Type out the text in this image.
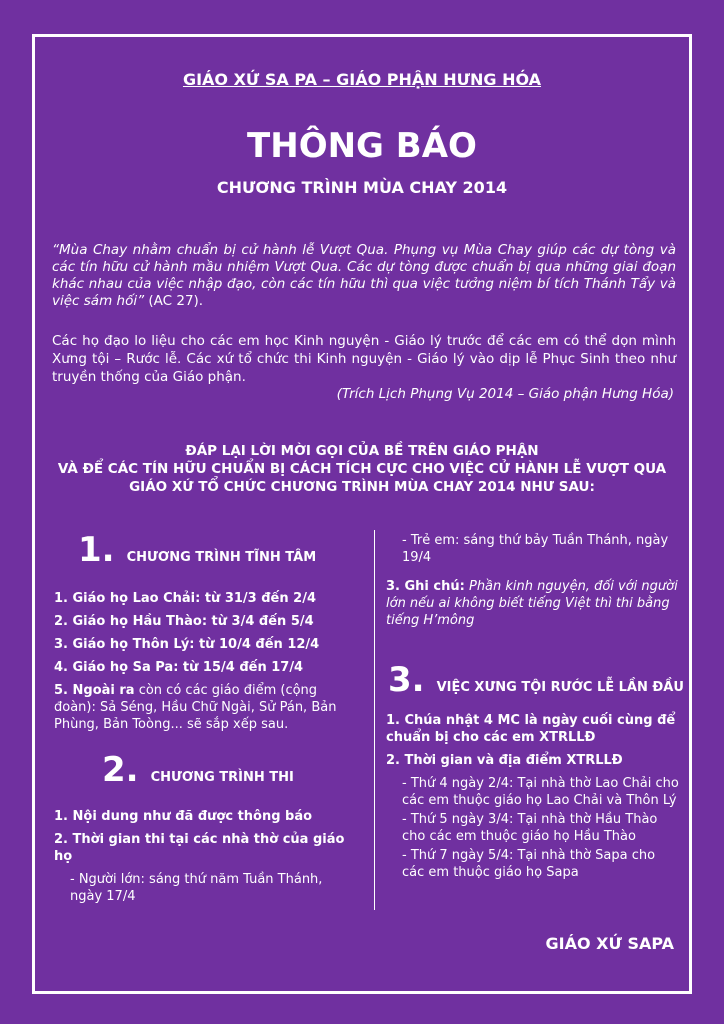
GIÁO XỨ SA PA – GIÁO PHẬN HƯNG HÓA
THÔNG BÁO
CHƯƠNG TRÌNH MÙA CHAY 2014
“Mùa Chay nhằm chuẩn bị cử hành lễ Vượt Qua. Phụng vụ Mùa Chay giúp các dự tòng và các tín hữu cử hành mầu nhiệm Vượt Qua. Các dự tòng được chuẩn bị qua những giai đoạn khác nhau của việc nhập đạo, còn các tín hữu thì qua việc tưởng niệm bí tích Thánh Tẩy và việc sám hối” (AC 27).
Các họ đạo lo liệu cho các em học Kinh nguyện - Giáo lý trước để các em có thể dọn mình Xưng tội – Rước lễ. Các xứ tổ chức thi Kinh nguyện - Giáo lý vào dịp lễ Phục Sinh theo như truyền thống của Giáo phận.
(Trích Lịch Phụng Vụ 2014 – Giáo phận Hưng Hóa)
ĐÁP LẠI LỜI MỜI GỌI CỦA BỀ TRÊN GIÁO PHẬN
VÀ ĐỂ CÁC TÍN HỮU CHUẨN BỊ CÁCH TÍCH CỰC CHO VIỆC CỬ HÀNH LỄ VƯỢT QUA
GIÁO XỨ TỔ CHỨC CHƯƠNG TRÌNH MÙA CHAY 2014 NHƯ SAU:
1. CHƯƠNG TRÌNH TĨNH TÂM
1. Giáo họ Lao Chải: từ 31/3 đến 2/4
2. Giáo họ Hầu Thào: từ 3/4 đến 5/4
3. Giáo họ Thôn Lý: từ 10/4 đến 12/4
4. Giáo họ Sa Pa: từ 15/4 đến 17/4
5. Ngoài ra còn có các giáo điểm (cộng đoàn): Sả Séng, Hầu Chữ Ngài, Sử Pán, Bản Phùng, Bản Toòng... sẽ sắp xếp sau.
2. CHƯƠNG TRÌNH THI
1. Nội dung như đã được thông báo
2. Thời gian thi tại các nhà thờ của giáo họ
- Người lớn: sáng thứ năm Tuần Thánh, ngày 17/4
- Trẻ em: sáng thứ bảy Tuần Thánh, ngày 19/4
3. Ghi chú: Phần kinh nguyện, đối với người lớn nếu ai không biết tiếng Việt thì thi bằng tiếng H’mông
3. VIỆC XƯNG TỘI RƯỚC LỄ LẦN ĐẦU
1. Chúa nhật 4 MC là ngày cuối cùng để chuẩn bị cho các em XTRLLĐ
2. Thời gian và địa điểm XTRLLĐ
- Thứ 4 ngày 2/4: Tại nhà thờ Lao Chải cho các em thuộc giáo họ Lao Chải và Thôn Lý
- Thứ 5 ngày 3/4: Tại nhà thờ Hầu Thào cho các em thuộc giáo họ Hầu Thào
- Thứ 7 ngày 5/4: Tại nhà thờ Sapa cho các em thuộc giáo họ Sapa
GIÁO XỨ SAPA
